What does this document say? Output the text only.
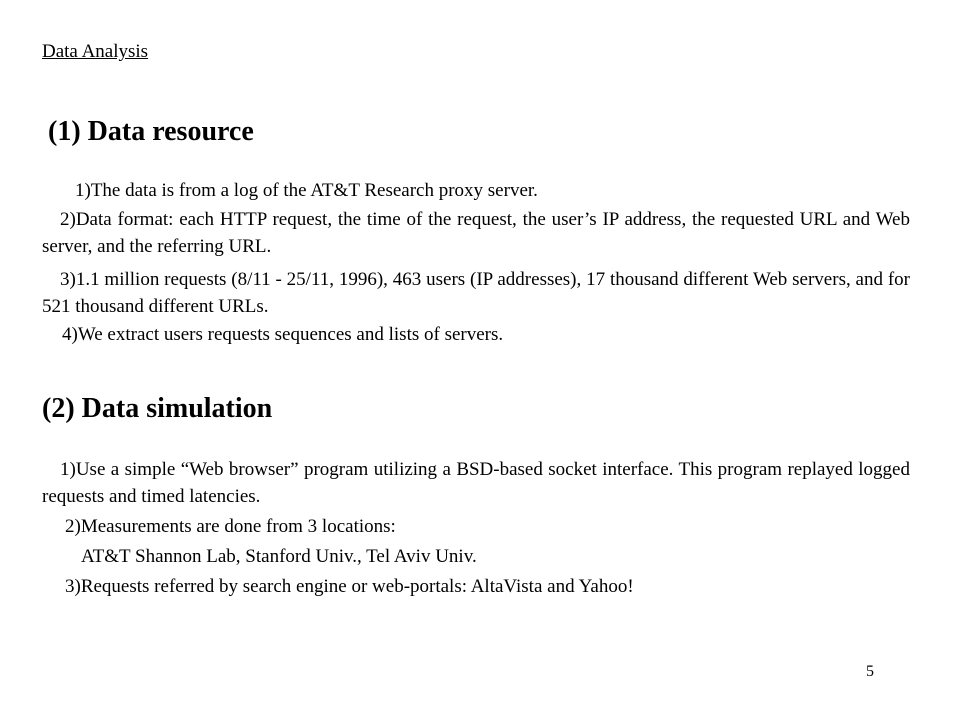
Data Analysis
(1) Data resource
1)The data is from a log of the AT&T Research proxy server.
2)Data format: each HTTP request, the time of the request, the user’s IP address, the requested URL and Web server, and the referring URL.
3)1.1 million requests (8/11 - 25/11, 1996), 463 users (IP addresses), 17 thousand different Web servers, and for 521 thousand different URLs.
4)We extract users requests sequences and lists of servers.
(2) Data simulation
1)Use a simple “Web browser” program utilizing a BSD-based socket interface. This program replayed logged requests and timed latencies.
2)Measurements are done from 3 locations:
AT&T Shannon Lab, Stanford Univ., Tel Aviv Univ.
3)Requests referred by search engine or web-portals: AltaVista and Yahoo!
5
